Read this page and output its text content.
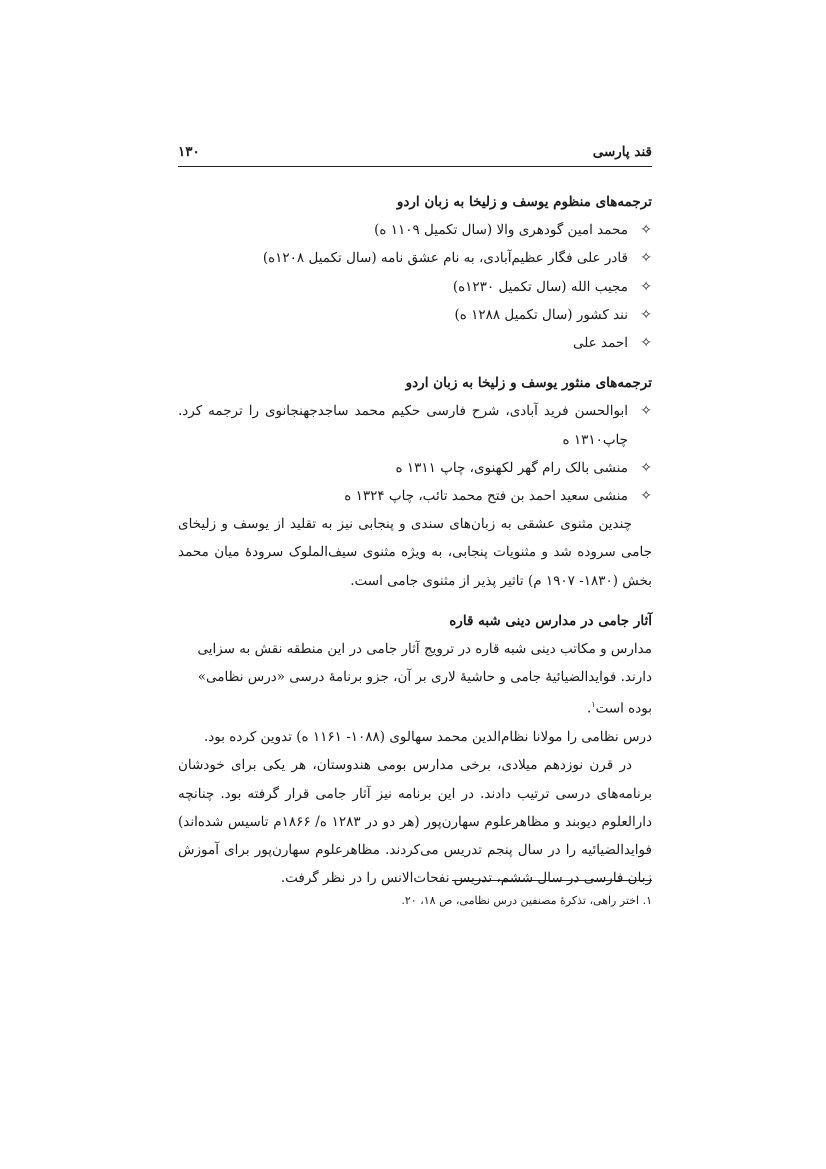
قند پارسی
۱۳۰

ترجمه‌های منظوم یوسف و زلیخا به زبان اردو

✧
محمد امین گودهری والا (سال تکمیل ۱۱۰۹ ه)

✧
قادر علی فگار عظیم‌آبادی، به نام عشق نامه (سال تکمیل ۱۲۰۸ه)

✧
مجیب الله (سال تکمیل ۱۲۳۰ه)

✧
نند کشور (سال تکمیل ۱۲۸۸ ه)

✧
احمد علی

ترجمه‌های منثور یوسف و زلیخا به زبان اردو

✧
ابوالحسن فرید آبادی، شرح فارسی حکیم محمد ساجدجهنجانوی را ترجمه کرد. چاپ۱۳۱۰ ه

✧
منشی بالک رام گهر لکهنوی، چاپ ۱۳۱۱ ه

✧
منشی سعید احمد بن فتح محمد تائب، چاپ ۱۳۲۴ ه

چندین مثنوی عشقی به زبان‌های سندی و پنجابی نیز به تقلید از یوسف و زلیخای جامی سروده شد و مثنویات پنجابی، به ویژه مثنوی سیف‌الملوک سرودهٔ میان محمد بخش (۱۸۳۰- ۱۹۰۷ م) تاثیر پذیر از مثنوی جامی است.

آثار جامی در مدارس دینی شبه قاره

مدارس و مکاتب دینی شبه قاره در ترویج آثار جامی در این منطقه نقش به سزایی دارند. فوایدالضیائیهٔ جامی و حاشیهٔ لاری بر آن، جزو برنامهٔ درسی «درس نظامی» بوده است$^۱$.

درس نظامی را مولانا نظام‌الدین محمد سهالوی (۱۰۸۸- ۱۱۶۱ ه) تدوین کرده بود.

در قرن نوزدهم میلادی، برخی مدارس بومی هندوستان، هر یکی برای خودشان برنامه‌های درسی ترتیب دادند. در این برنامه نیز آثار جامی قرار گرفته بود. چنانچه دارالعلوم دیوبند و مظاهرعلوم سهارن‌پور (هر دو در ۱۲۸۳ ه/ ۱۸۶۶م تاسیس شده‌اند) فوایدالضیائیه را در سال پنجم تدریس می‌کردند. مظاهرعلوم سهارن‌پور برای آموزش زبان فارسی در سال ششم، تدریس نفحات‌الانس را در نظر گرفت.

۱. اختر راهی، تذکرهٔ مصنفین درس نظامی، ص ۱۸، ۲۰.
